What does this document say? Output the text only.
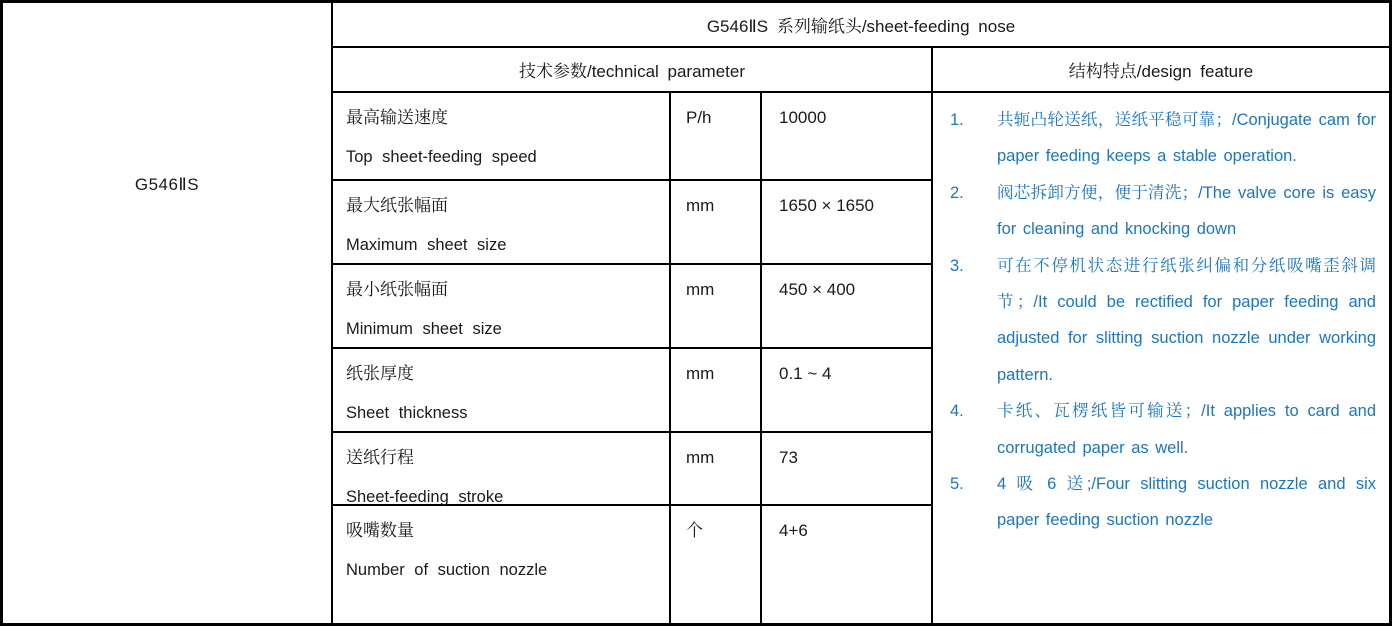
G546ⅡS
G546ⅡS 系列输纸头/sheet-feeding nose
技术参数/technical parameter	结构特点/design feature
最高输送速度
Top sheet-feeding speed
P/h	10000
最大纸张幅面
Maximum sheet size
mm	1650 × 1650
最小纸张幅面
Minimum sheet size
mm	450 × 400
纸张厚度
Sheet thickness
mm	0.1 ~ 4
送纸行程
Sheet-feeding stroke
mm	73
吸嘴数量
Number of suction nozzle
个	4+6
1.	共轭凸轮送纸，送纸平稳可靠；/Conjugate cam for paper feeding keeps a stable operation.
2.	阀芯拆卸方便，便于清洗；/The valve core is easy for cleaning and knocking down
3.	可在不停机状态进行纸张纠偏和分纸吸嘴歪斜调节；/It could be rectified for paper feeding and adjusted for slitting suction nozzle under working pattern.
4.	卡纸、瓦楞纸皆可输送；/It applies to card and corrugated paper as well.
5.	4 吸 6 送;/Four slitting suction nozzle and six paper feeding suction nozzle
